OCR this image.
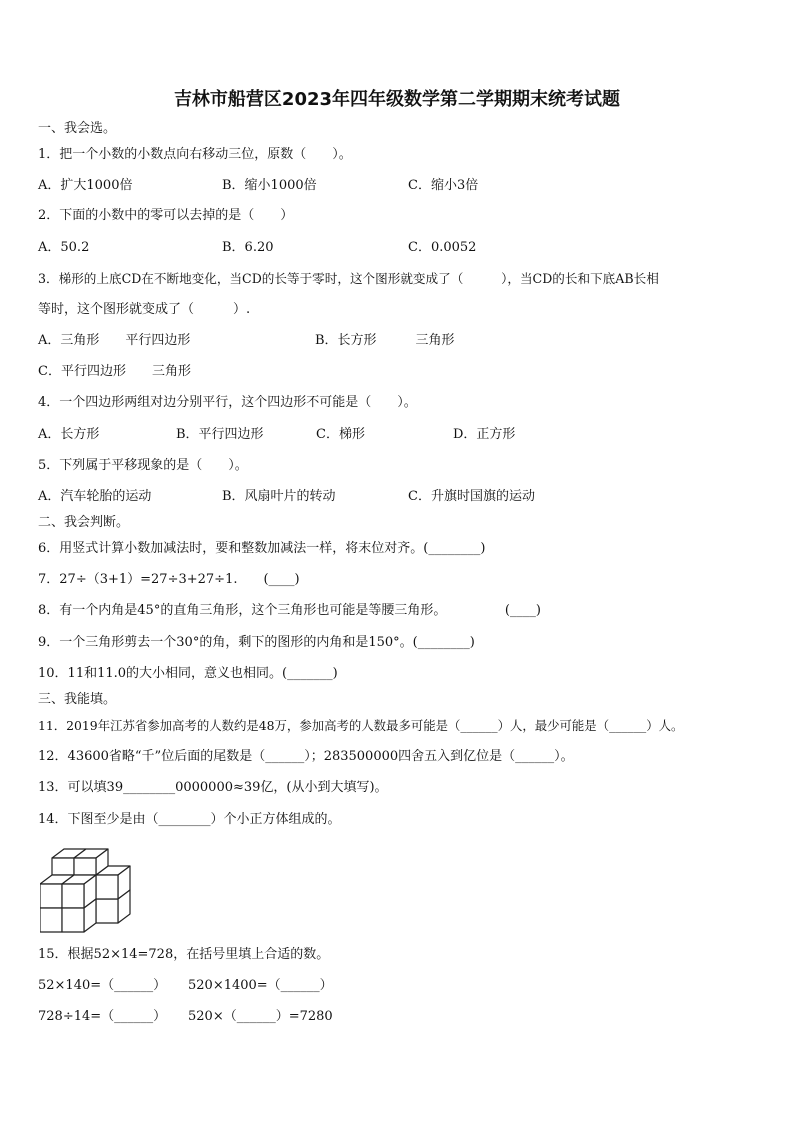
吉林市船营区2023年四年级数学第二学期期末统考试题
一、我会选。
1．把一个小数的小数点向右移动三位，原数（　　）。
A．扩大1000倍	B．缩小1000倍	C．缩小3倍
2．下面的小数中的零可以去掉的是（　　）
A．50.2	B．6.20	C．0.0052
3．梯形的上底CD在不断地变化，当CD的长等于零时，这个图形就变成了（　　　），当CD的长和下底AB长相
等时，这个图形就变成了（　　　）.
A．三角形　　平行四边形	B．长方形　　　三角形
C．平行四边形　　三角形
4．一个四边形两组对边分别平行，这个四边形不可能是（　　）。
A．长方形	B．平行四边形	C．梯形	D．正方形
5．下列属于平移现象的是（　　）。
A．汽车轮胎的运动	B．风扇叶片的转动	C．升旗时国旗的运动
二、我会判断。
6．用竖式计算小数加减法时，要和整数加减法一样，将末位对齐。(________)
7．27÷（3+1）=27÷3+27÷1.　　(____)
8．有一个内角是45°的直角三角形，这个三角形也可能是等腰三角形。　　　　　(____)
9．一个三角形剪去一个30°的角，剩下的图形的内角和是150°。(________)
10．11和11.0的大小相同，意义也相同。(_______)
三、我能填。
11．2019年江苏省参加高考的人数约是48万，参加高考的人数最多可能是（______）人，最少可能是（______）人。
12．43600省略“千”位后面的尾数是（______）；283500000四舍五入到亿位是（______）。
13．可以填39________0000000≈39亿，(从小到大填写)。
14．下图至少是由（________）个小正方体组成的。
15．根据52×14=728，在括号里填上合适的数。
52×140=（______） 520×1400=（______）
728÷14=（______） 520×（______）=7280
